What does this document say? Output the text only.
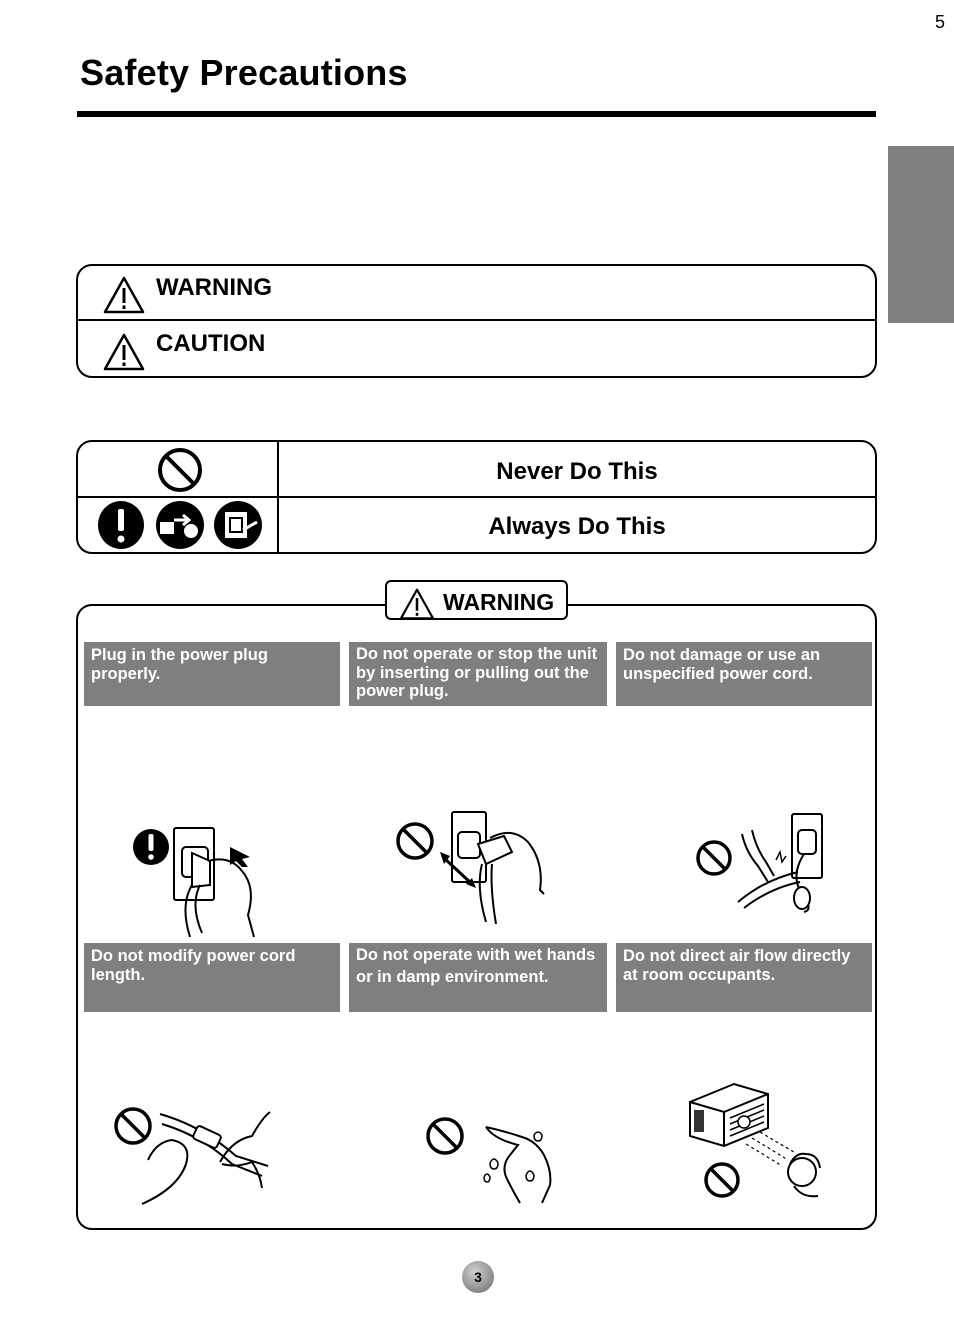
5
Safety Precautions
WARNING
CAUTION
Never Do This
Always Do This
WARNING
Plug in the power plug properly.
Do not operate or stop the unit by inserting or pulling out the power plug.
Do not damage or use an unspecified power cord.
Do not modify power cord length.
Do not operate with wet hands or in damp environment.
Do not direct air flow directly at room occupants.
3
